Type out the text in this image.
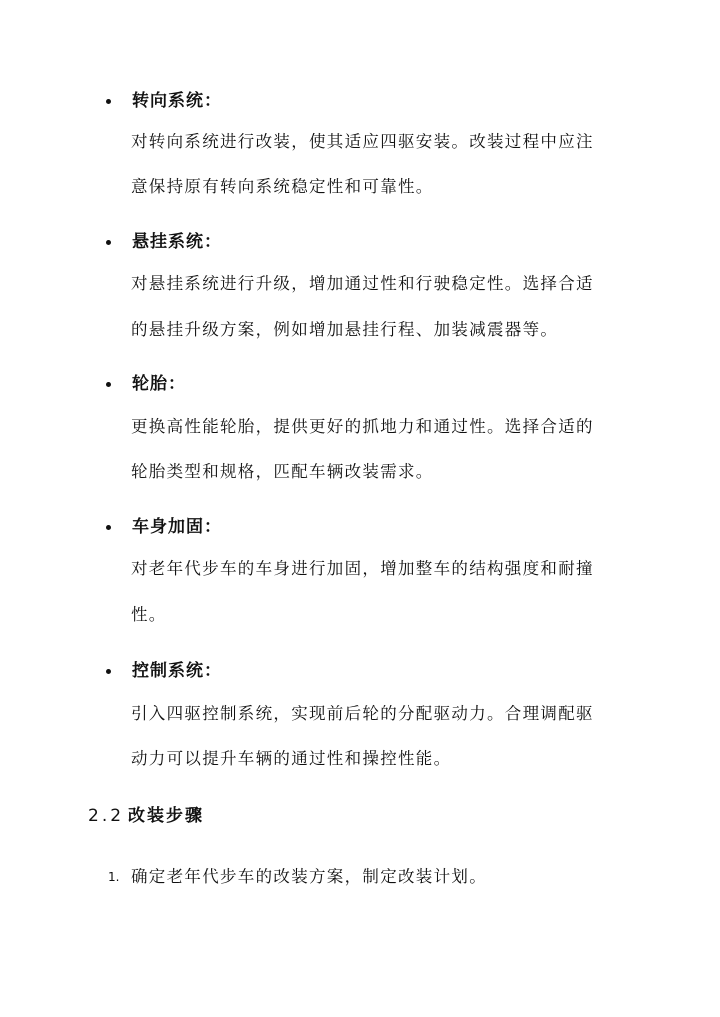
转向系统：
对转向系统进行改装，使其适应四驱安装。改装过程中应注
意保持原有转向系统稳定性和可靠性。
悬挂系统：
对悬挂系统进行升级，增加通过性和行驶稳定性。选择合适
的悬挂升级方案，例如增加悬挂行程、加装减震器等。
轮胎：
更换高性能轮胎，提供更好的抓地力和通过性。选择合适的
轮胎类型和规格，匹配车辆改装需求。
车身加固：
对老年代步车的车身进行加固，增加整车的结构强度和耐撞
性。
控制系统：
引入四驱控制系统，实现前后轮的分配驱动力。合理调配驱
动力可以提升车辆的通过性和操控性能。
2.2 改装步骤
1. 确定老年代步车的改装方案，制定改装计划。
